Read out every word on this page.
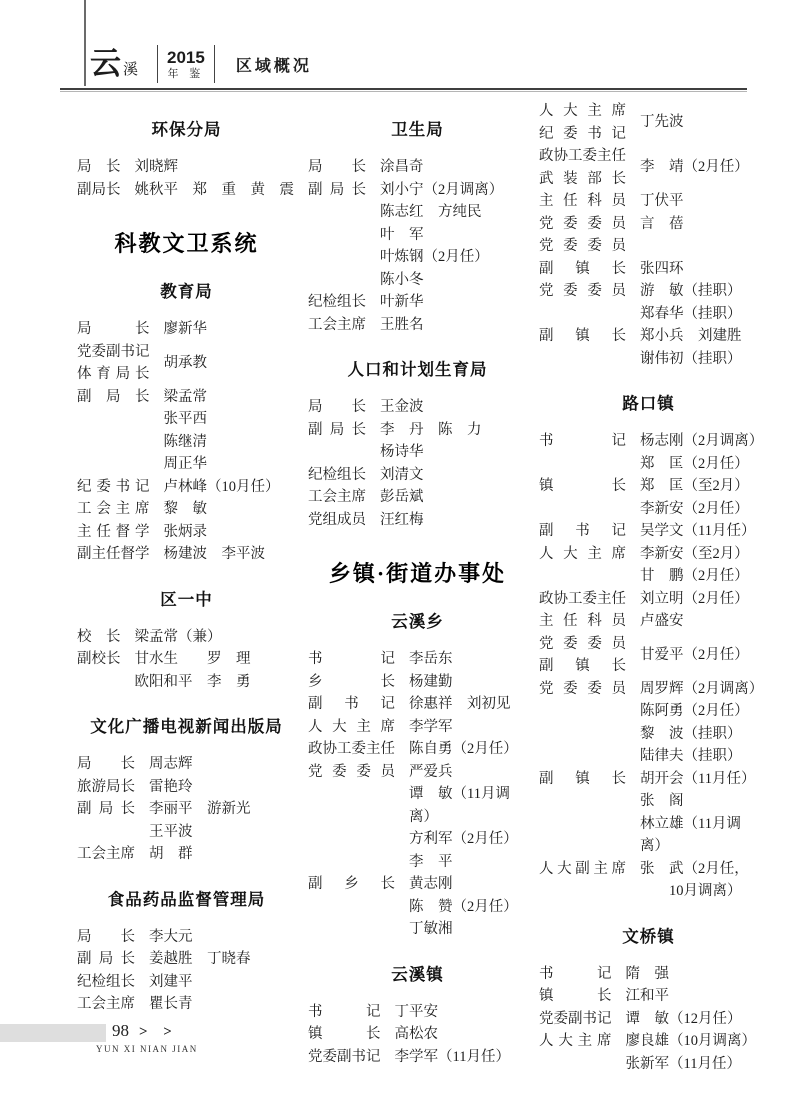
云 溪
2015
年 鉴 区域概况
环保分局
局长 刘晓辉
副局长 姚秋平　郑　重　黄　震
科教文卫系统
教育局
局长 廖新华
党委副书记
体育局长
胡承教
副局长 梁孟常
张平西
陈继清
周正华
纪委书记 卢林峰（10月任）
工会主席 黎　敏
主任督学 张炳录
副主任督学 杨建波　李平波
区一中
校长 梁孟常（兼）
副校长 甘水生　　罗　理
欧阳和平　李　勇
文化广播电视新闻出版局
局长 周志辉
旅游局长 雷艳玲
副局长 李丽平　游新光
王平波
工会主席 胡　群
食品药品监督管理局
局长 李大元
副局长 姜越胜　丁晓春
纪检组长 刘建平
工会主席 瞿长青
卫生局
局长 涂昌奇
副局长 刘小宁（2月调离）
陈志红　方纯民
叶　军
叶炼钢（2月任）
陈小冬
纪检组长 叶新华
工会主席 王胜名
人口和计划生育局
局长 王金波
副局长 李　丹　陈　力
杨诗华
纪检组长 刘清文
工会主席 彭岳斌
党组成员 汪红梅
乡镇·街道办事处
云溪乡
书记 李岳东
乡长 杨建勤
副书记 徐惠祥　刘初见
人大主席 李学军
政协工委主任 陈自勇（2月任）
党委委员 严爱兵
谭　敏（11月调离）
方利军（2月任）
李　平
副乡长 黄志刚
陈　赞（2月任）
丁敏湘
云溪镇
书记 丁平安
镇长 高松农
党委副书记 李学军（11月任）
人大主席
纪委书记
丁先波
政协工委主任
武装部长
李　靖（2月任）
主任科员 丁伏平
党委委员 言　蓓
党委委员
副镇长 张四环
党委委员 游　敏（挂职）
郑春华（挂职）
副镇长 郑小兵　刘建胜
谢伟初（挂职）
路口镇
书记 杨志刚（2月调离）
郑　匡（2月任）
镇长 郑　匡（至2月）
李新安（2月任）
副书记 吴学文（11月任）
人大主席 李新安（至2月）
甘　鹏（2月任）
政协工委主任 刘立明（2月任）
主任科员 卢盛安
党委委员
副镇长
甘爱平（2月任）
党委委员 周罗辉（2月调离）
陈阿勇（2月任）
黎　波（挂职）
陆律夫（挂职）
副镇长 胡开会（11月任）
张　阁
林立雄（11月调离）
人大副主席 张　武（2月任，
　　10月调离）
文桥镇
书记 隋　强
镇长 江和平
党委副书记 谭　敏（12月任）
人大主席 廖良雄（10月调离）
张新军（11月任）
98 > >
YUN XI NIAN JIAN
